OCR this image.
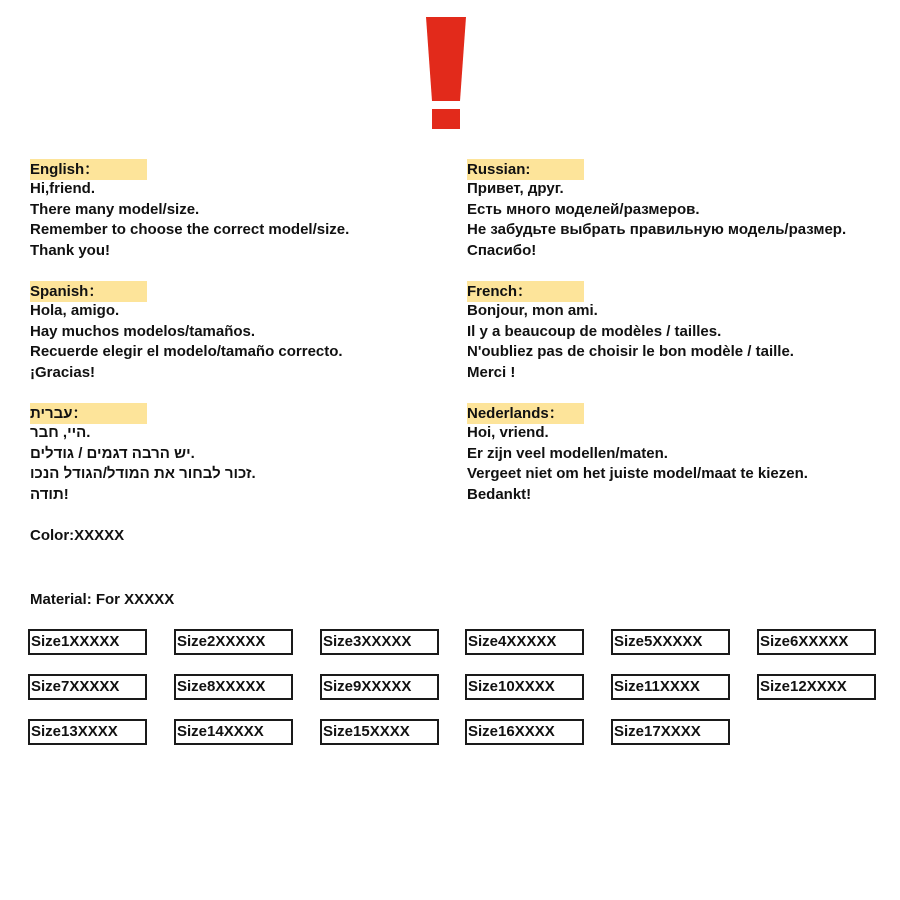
English：
Hi,friend.
There many model/size.
Remember to choose the correct model/size.
Thank you!
Russian:
Привет, друг.
Есть много моделей/размеров.
Не забудьте выбрать правильную модель/размер.
Спасибо!
Spanish：
Hola, amigo.
Hay muchos modelos/tamaños.
Recuerde elegir el modelo/tamaño correcto.
¡Gracias!
French：
Bonjour, mon ami.
Il y a beaucoup de modèles / tailles.
N'oubliez pas de choisir le bon modèle / taille.
Merci !
תירבע：
רבח ,ייה.
םילדוג / םימגד הברה שי.
וכנה לדוגה/לדומה תא רוחבל רוכז.
הדות!
Nederlands：
Hoi, vriend.
Er zijn veel modellen/maten.
Vergeet niet om het juiste model/maat te kiezen.
Bedankt!
Color:XXXXX
Material: For XXXXX
Size1XXXXX	Size2XXXXX	Size3XXXXX	Size4XXXXX	Size5XXXXX	Size6XXXXX
Size7XXXXX	Size8XXXXX	Size9XXXXX	Size10XXXX	Size11XXXX	Size12XXXX
Size13XXXX	Size14XXXX	Size15XXXX	Size16XXXX	Size17XXXX
